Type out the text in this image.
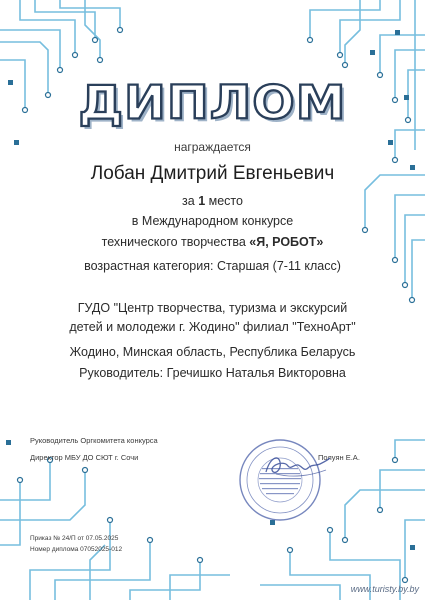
ДИПЛОМ
награждается
Лобан Дмитрий Евгеньевич
за 1 место
в Международном конкурсе
технического творчества «Я, РОБОТ»
возрастная категория: Старшая (7-11 класс)
ГУДО "Центр творчества, туризма и экскурсий
детей и молодежи г. Жодино" филиал "ТехноАрт"
Жодино, Минская область, Республика Беларусь
Руководитель: Гречишко Наталья Викторовна
Руководитель Оргкомитета конкурса
Директор МБУ ДО СЮТ г. Сочи	Полуян Е.А.
Приказ № 24/П от 07.05.2025
Номер диплома 07052025-012
www.turistу.by.by
